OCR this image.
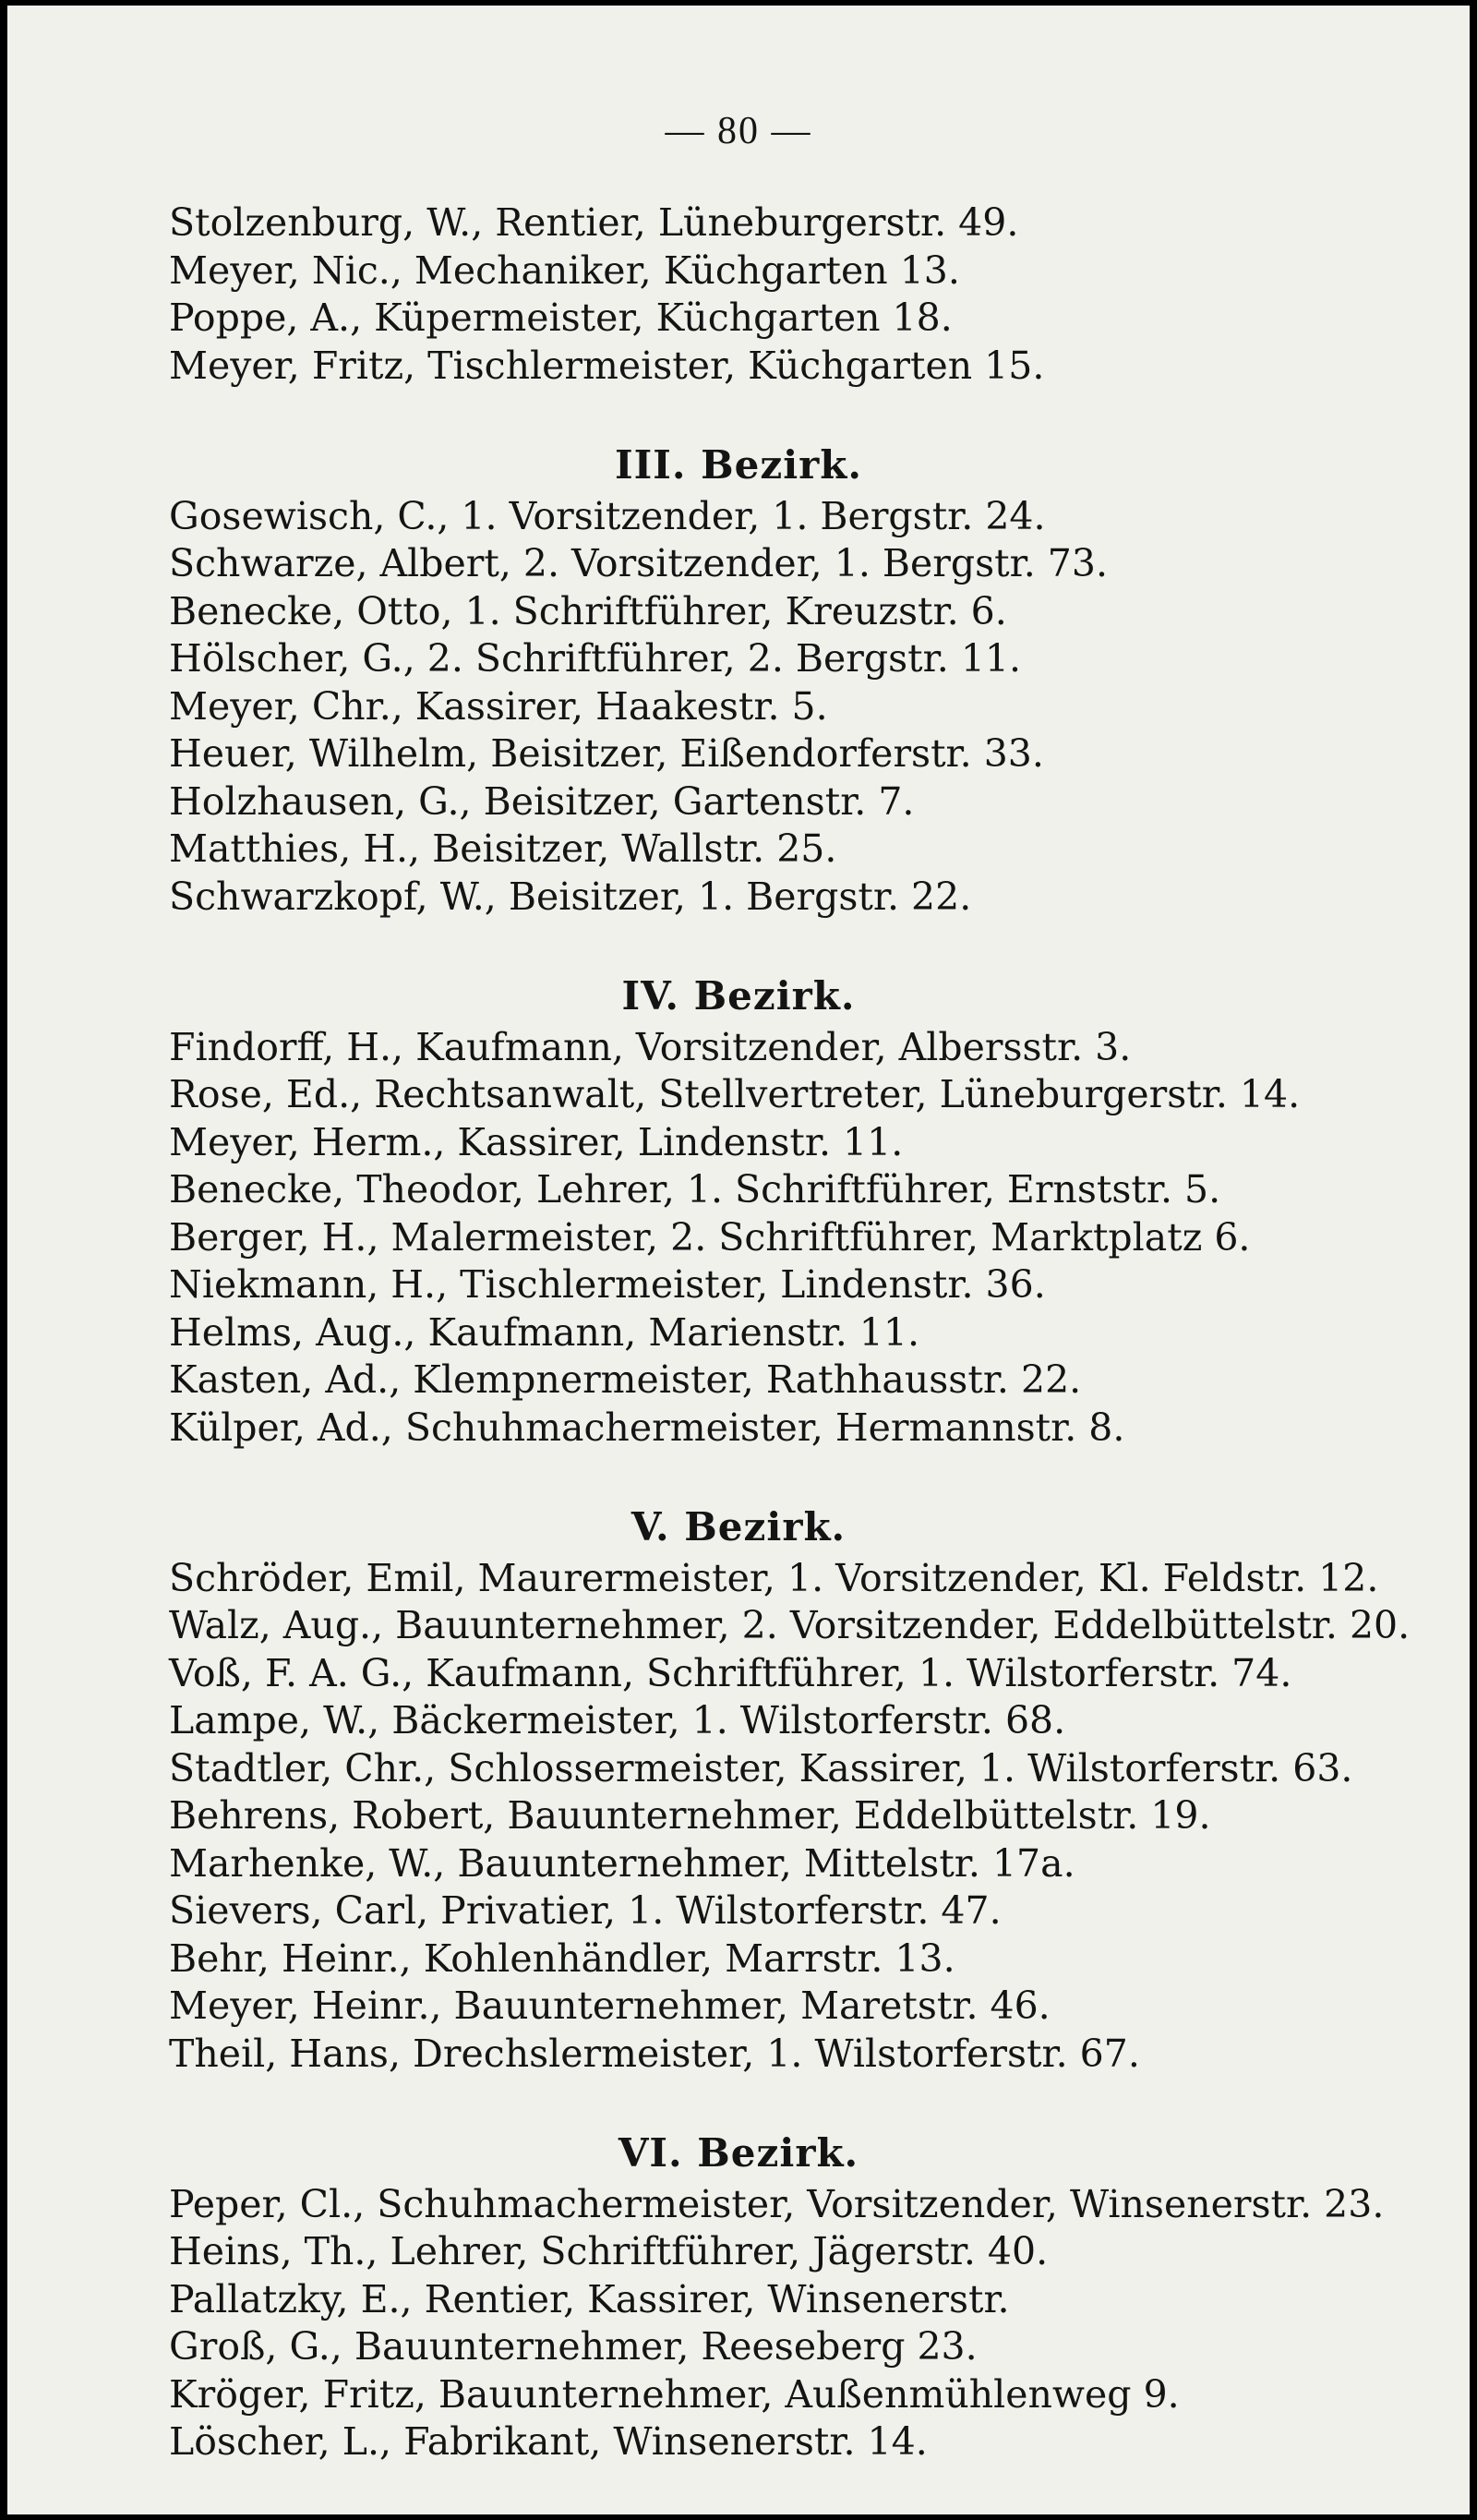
— 80 —
Stolzenburg, W., Rentier, Lüneburgerstr. 49.
Meyer, Nic., Mechaniker, Küchgarten 13.
Poppe, A., Küpermeister, Küchgarten 18.
Meyer, Fritz, Tischlermeister, Küchgarten 15.
III. Bezirk.
Gosewisch, C., 1. Vorsitzender, 1. Bergstr. 24.
Schwarze, Albert, 2. Vorsitzender, 1. Bergstr. 73.
Benecke, Otto, 1. Schriftführer, Kreuzstr. 6.
Hölscher, G., 2. Schriftführer, 2. Bergstr. 11.
Meyer, Chr., Kassirer, Haakestr. 5.
Heuer, Wilhelm, Beisitzer, Eißendorferstr. 33.
Holzhausen, G., Beisitzer, Gartenstr. 7.
Matthies, H., Beisitzer, Wallstr. 25.
Schwarzkopf, W., Beisitzer, 1. Bergstr. 22.
IV. Bezirk.
Findorff, H., Kaufmann, Vorsitzender, Albersstr. 3.
Rose, Ed., Rechtsanwalt, Stellvertreter, Lüneburgerstr. 14.
Meyer, Herm., Kassirer, Lindenstr. 11.
Benecke, Theodor, Lehrer, 1. Schriftführer, Ernststr. 5.
Berger, H., Malermeister, 2. Schriftführer, Marktplatz 6.
Niekmann, H., Tischlermeister, Lindenstr. 36.
Helms, Aug., Kaufmann, Marienstr. 11.
Kasten, Ad., Klempnermeister, Rathhausstr. 22.
Külper, Ad., Schuhmachermeister, Hermannstr. 8.
V. Bezirk.
Schröder, Emil, Maurermeister, 1. Vorsitzender, Kl. Feldstr. 12.
Walz, Aug., Bauunternehmer, 2. Vorsitzender, Eddelbüttelstr. 20.
Voß, F. A. G., Kaufmann, Schriftführer, 1. Wilstorferstr. 74.
Lampe, W., Bäckermeister, 1. Wilstorferstr. 68.
Stadtler, Chr., Schlossermeister, Kassirer, 1. Wilstorferstr. 63.
Behrens, Robert, Bauunternehmer, Eddelbüttelstr. 19.
Marhenke, W., Bauunternehmer, Mittelstr. 17a.
Sievers, Carl, Privatier, 1. Wilstorferstr. 47.
Behr, Heinr., Kohlenhändler, Marrstr. 13.
Meyer, Heinr., Bauunternehmer, Maretstr. 46.
Theil, Hans, Drechslermeister, 1. Wilstorferstr. 67.
VI. Bezirk.
Peper, Cl., Schuhmachermeister, Vorsitzender, Winsenerstr. 23.
Heins, Th., Lehrer, Schriftführer, Jägerstr. 40.
Pallatzky, E., Rentier, Kassirer, Winsenerstr.
Groß, G., Bauunternehmer, Reeseberg 23.
Kröger, Fritz, Bauunternehmer, Außenmühlenweg 9.
Löscher, L., Fabrikant, Winsenerstr. 14.
